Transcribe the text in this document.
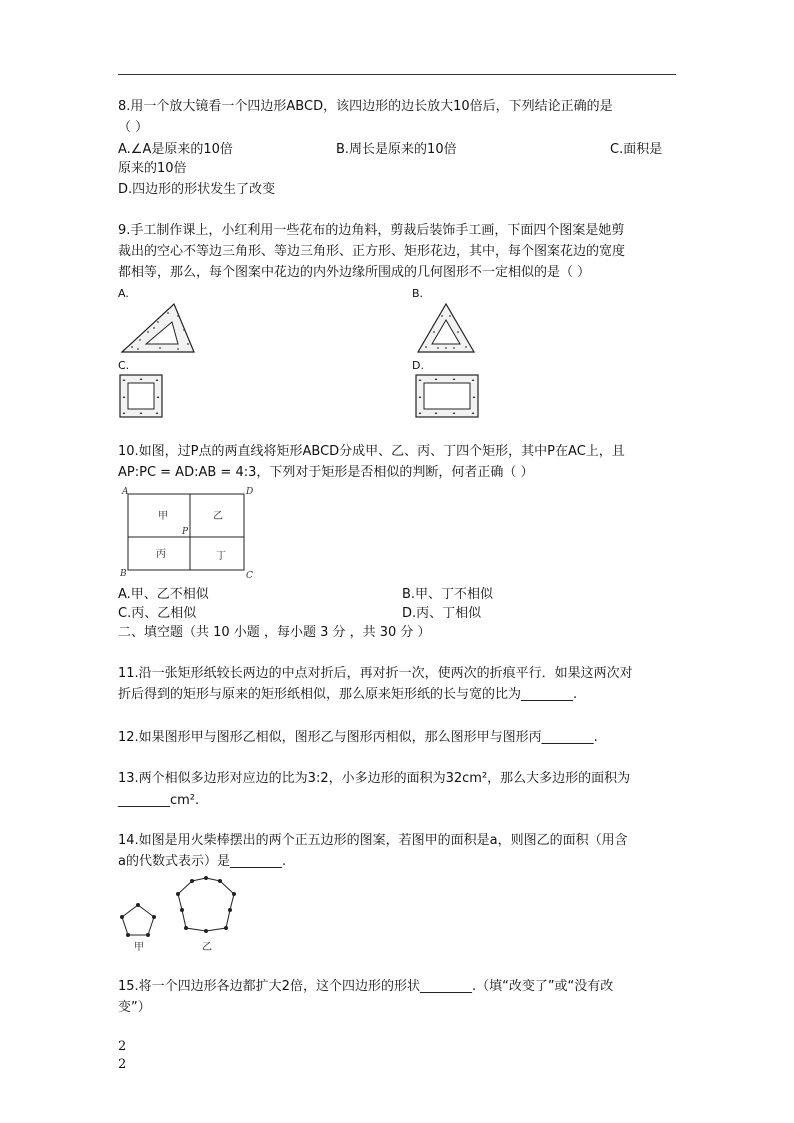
8.用一个放大镜看一个四边形ABCD，该四边形的边长放大10倍后，下列结论正确的是
（ ）
A.∠A是原来的10倍	B.周长是原来的10倍	C.面积是
原来的10倍
D.四边形的形状发生了改变
9.手工制作课上，小红利用一些花布的边角料，剪裁后装饰手工画，下面四个图案是她剪
裁出的空心不等边三角形、等边三角形、正方形、矩形花边，其中，每个图案花边的宽度
都相等，那么，每个图案中花边的内外边缘所围成的几何图形不一定相似的是（ ）
A.	B.
C.	D.
10.如图，过P点的两直线将矩形ABCD分成甲、乙、丙、丁四个矩形，其中P在AC上，且
AP:PC = AD:AB = 4:3，下列对于矩形是否相似的判断，何者正确（ ）
A	D
B	C
P
甲	乙
丙	丁
A.甲、乙不相似	B.甲、丁不相似
C.丙、乙相似	D.丙、丁相似
二、填空题（共 10 小题 ，每小题 3 分 ，共 30 分 ）
11.沿一张矩形纸较长两边的中点对折后，再对折一次，使两次的折痕平行．如果这两次对
折后得到的矩形与原来的矩形纸相似，那么原来矩形纸的长与宽的比为________.
12.如果图形甲与图形乙相似，图形乙与图形丙相似，那么图形甲与图形丙________.
13.两个相似多边形对应边的比为3:2，小多边形的面积为32cm²，那么大多边形的面积为
________cm².
14.如图是用火柴棒摆出的两个正五边形的图案，若图甲的面积是a，则图乙的面积（用含
a的代数式表示）是________.
甲	乙
15.将一个四边形各边都扩大2倍，这个四边形的形状________.（填“改变了”或“没有改
变”）
2
2
